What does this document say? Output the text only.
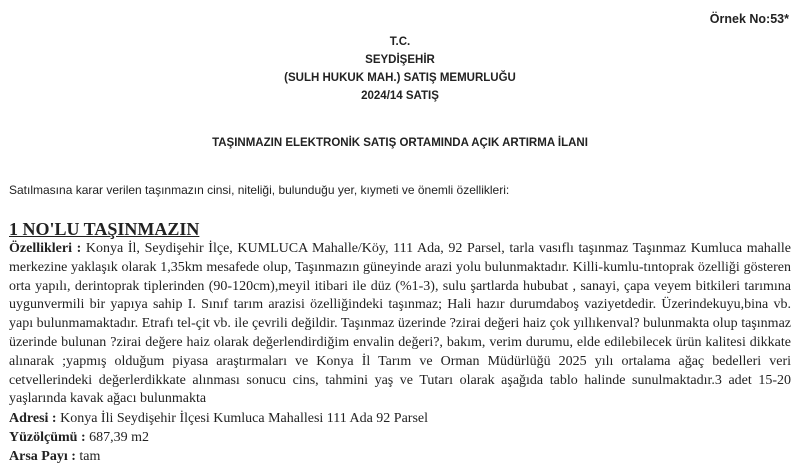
Örnek No:53*
T.C.
SEYDİŞEHİR
(SULH HUKUK MAH.) SATIŞ MEMURLUĞU
2024/14 SATIŞ
TAŞINMAZIN ELEKTRONİK SATIŞ ORTAMINDA AÇIK ARTIRMA İLANI
Satılmasına karar verilen taşınmazın cinsi, niteliği, bulunduğu yer, kıymeti ve önemli özellikleri:

1 NO'LU TAŞINMAZIN

Özellikleri : Konya İl, Seydişehir İlçe, KUMLUCA Mahalle/Köy, 111 Ada, 92 Parsel, tarla vasıflı taşınmaz Taşınmaz Kumluca mahalle merkezine yaklaşık olarak 1,35km mesafede olup, Taşınmazın güneyinde arazi yolu bulunmaktadır. Killi-kumlu-tıntoprak özelliği gösteren orta yapılı, derintoprak tiplerinden (90-120cm),meyil itibari ile düz (%1-3), sulu şartlarda hububat , sanayi, çapa veyem bitkileri tarımına uygunvermili bir yapıya sahip I. Sınıf tarım arazisi özelliğindeki taşınmaz; Hali hazır durumdaboş vaziyetdedir. Üzerindekuyu,bina vb. yapı bulunmamaktadır. Etrafı tel-çit vb. ile çevrili değildir. Taşınmaz üzerinde ?zirai değeri haiz çok yıllıkenval? bulunmakta olup taşınmaz üzerinde bulunan ?zirai değere haiz olarak değerlendirdiğim envalin değeri?, bakım, verim durumu, elde edilebilecek ürün kalitesi dikkate alınarak ;yapmış olduğum piyasa araştırmaları ve Konya İl Tarım ve Orman Müdürlüğü 2025 yılı ortalama ağaç bedelleri veri cetvellerindeki değerlerdikkate alınması sonucu cins, tahmini yaş ve Tutarı olarak aşağıda tablo halinde sunulmaktadır.3 adet 15-20 yaşlarında kavak ağacı bulunmakta

Adresi : Konya İli Seydişehir İlçesi Kumluca Mahallesi 111 Ada 92 Parsel

Yüzölçümü : 687,39 m2

Arsa Payı : tam
